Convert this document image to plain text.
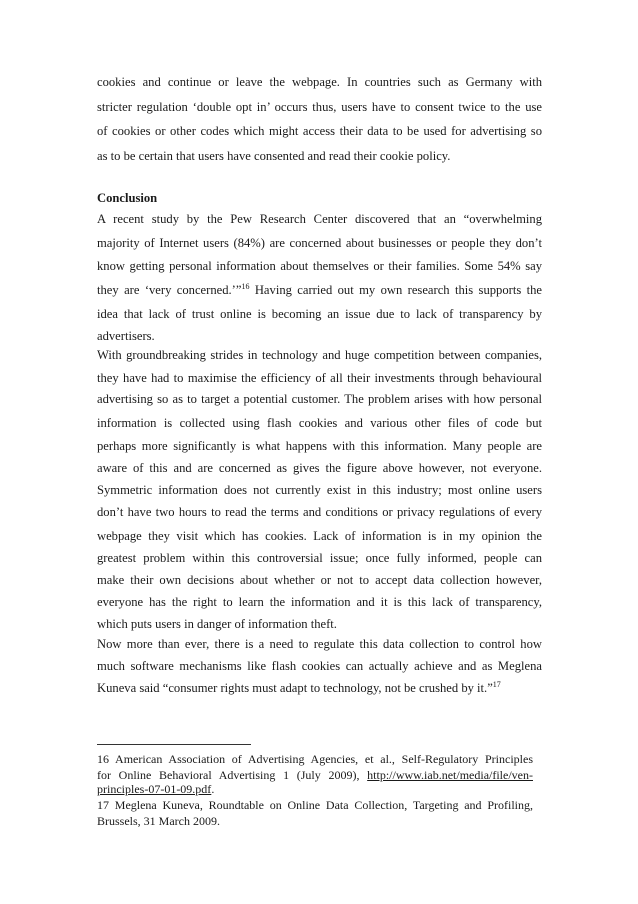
cookies and continue or leave the webpage. In countries such as Germany with
stricter regulation ‘double opt in’ occurs thus, users have to consent twice to the use
of cookies or other codes which might access their data to be used for advertising so
as to be certain that users have consented and read their cookie policy.
Conclusion
A recent study by the Pew Research Center discovered that an “overwhelming
majority of Internet users (84%) are concerned about businesses or people they don’t
know getting personal information about themselves or their families. Some 54% say
they are ‘very concerned.’”$^{16}$ Having carried out my own research this supports the
idea that lack of trust online is becoming an issue due to lack of transparency by
advertisers.
With groundbreaking strides in technology and huge competition between companies,
they have had to maximise the efficiency of all their investments through behavioural
advertising so as to target a potential customer. The problem arises with how personal
information is collected using flash cookies and various other files of code but
perhaps more significantly is what happens with this information. Many people are
aware of this and are concerned as gives the figure above however, not everyone.
Symmetric information does not currently exist in this industry; most online users
don’t have two hours to read the terms and conditions or privacy regulations of every
webpage they visit which has cookies. Lack of information is in my opinion the
greatest problem within this controversial issue; once fully informed, people can
make their own decisions about whether or not to accept data collection however,
everyone has the right to learn the information and it is this lack of transparency,
which puts users in danger of information theft.
Now more than ever, there is a need to regulate this data collection to control how
much software mechanisms like flash cookies can actually achieve and as Meglena
Kuneva said “consumer rights must adapt to technology, not be crushed by it.”$^{17}$
16 American Association of Advertising Agencies, et al., Self-Regulatory Principles
for Online Behavioral Advertising 1 (July 2009), http://www.iab.net/media/file/ven-
principles-07-01-09.pdf.
17 Meglena Kuneva, Roundtable on Online Data Collection, Targeting and Profiling,
Brussels, 31 March 2009.
